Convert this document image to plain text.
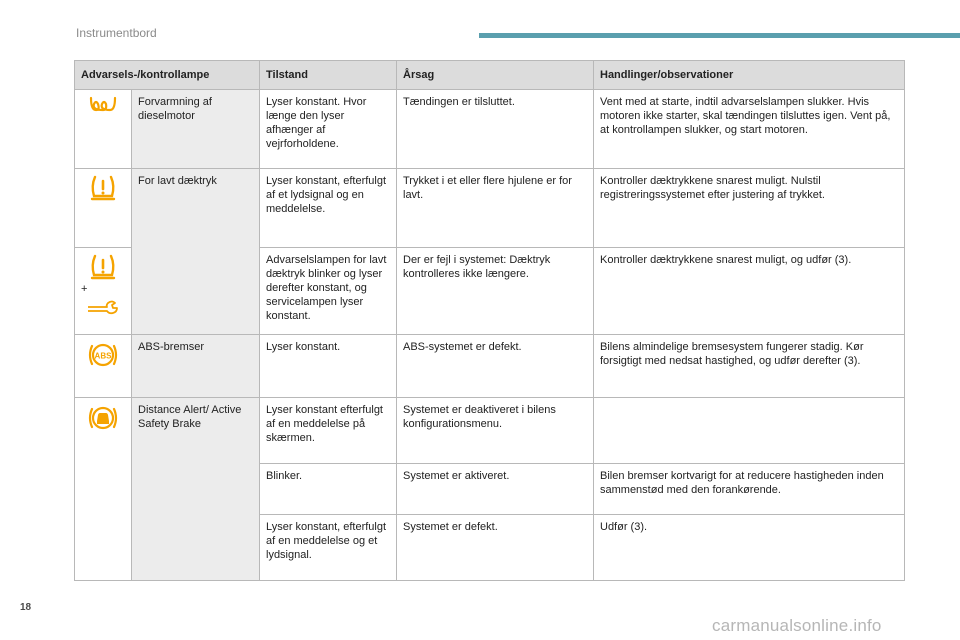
Instrumentbord
Advarsels-/kontrollampe		Tilstand	Årsag	Handlinger/observationer

	Forvarmning af dieselmotor	Lyser konstant. Hvor længe den lyser afhænger af vejrforholdene.	Tændingen er tilsluttet.	Vent med at starte, indtil advarselslampen slukker. Hvis motoren ikke starter, skal tændingen tilsluttes igen. Vent på, at kontrollampen slukker, og start motoren.

	For lavt dæktryk	Lyser konstant, efterfulgt af et lydsignal og en meddelelse.	Trykket i et eller flere hjulene er for lavt.	Kontroller dæktrykkene snarest muligt. Nulstil registreringssystemet efter justering af trykket.

+		Advarselslampen for lavt dæktryk blinker og lyser derefter konstant, og servicelampen lyser konstant.	Der er fejl i systemet: Dæktryk kontrolleres ikke længere.	Kontroller dæktrykkene snarest muligt, og udfør (3).

ABS	ABS-bremser	Lyser konstant.	ABS-systemet er defekt.	Bilens almindelige bremsesystem fungerer stadig. Kør forsigtigt med nedsat hastighed, og udfør derefter (3).

	Distance Alert/ Active Safety Brake	Lyser konstant efterfulgt af en meddelelse på skærmen.	Systemet er deaktiveret i bilens konfigurationsmenu.	
		Blinker.	Systemet er aktiveret.	Bilen bremser kortvarigt for at reducere hastigheden inden sammenstød med den forankørende.
		Lyser konstant, efterfulgt af en meddelelse og et lydsignal.	Systemet er defekt.	Udfør (3).
18
carmanualsonline.info
